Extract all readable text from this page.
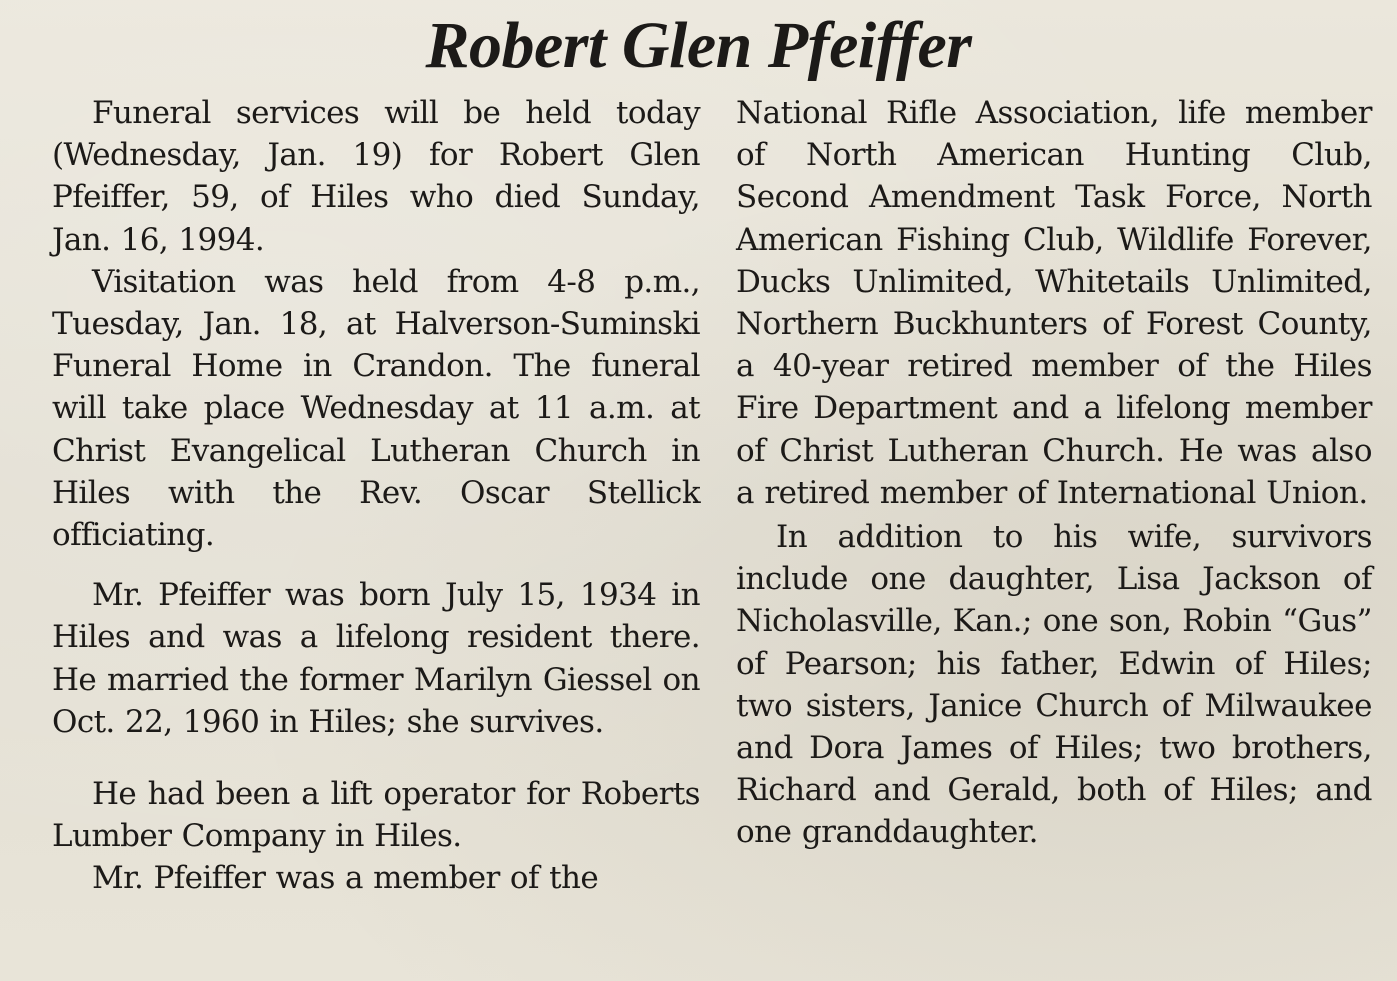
Robert Glen Pfeiffer

Funeral services will be held today (Wednesday, Jan. 19) for Robert Glen Pfeiffer, 59, of Hiles who died Sunday, Jan. 16, 1994.

Visitation was held from 4-8 p.m., Tuesday, Jan. 18, at Halverson-Suminski Funeral Home in Crandon. The funeral will take place Wednesday at 11 a.m. at Christ Evangelical Lutheran Church in Hiles with the Rev. Oscar Stellick officiating.

Mr. Pfeiffer was born July 15, 1934 in Hiles and was a lifelong resident there. He married the former Marilyn Giessel on Oct. 22, 1960 in Hiles; she survives.

He had been a lift operator for Roberts Lumber Company in Hiles.

Mr. Pfeiffer was a member of the

National Rifle Association, life member of North American Hunting Club, Second Amendment Task Force, North American Fishing Club, Wildlife Forever, Ducks Unlimited, Whitetails Unlimited, Northern Buckhunters of Forest County, a 40-year retired member of the Hiles Fire Department and a lifelong member of Christ Lutheran Church. He was also a retired member of International Union.

In addition to his wife, survivors include one daughter, Lisa Jackson of Nicholasville, Kan.; one son, Robin “Gus” of Pearson; his father, Edwin of Hiles; two sisters, Janice Church of Milwaukee and Dora James of Hiles; two brothers, Richard and Gerald, both of Hiles; and one granddaughter.
